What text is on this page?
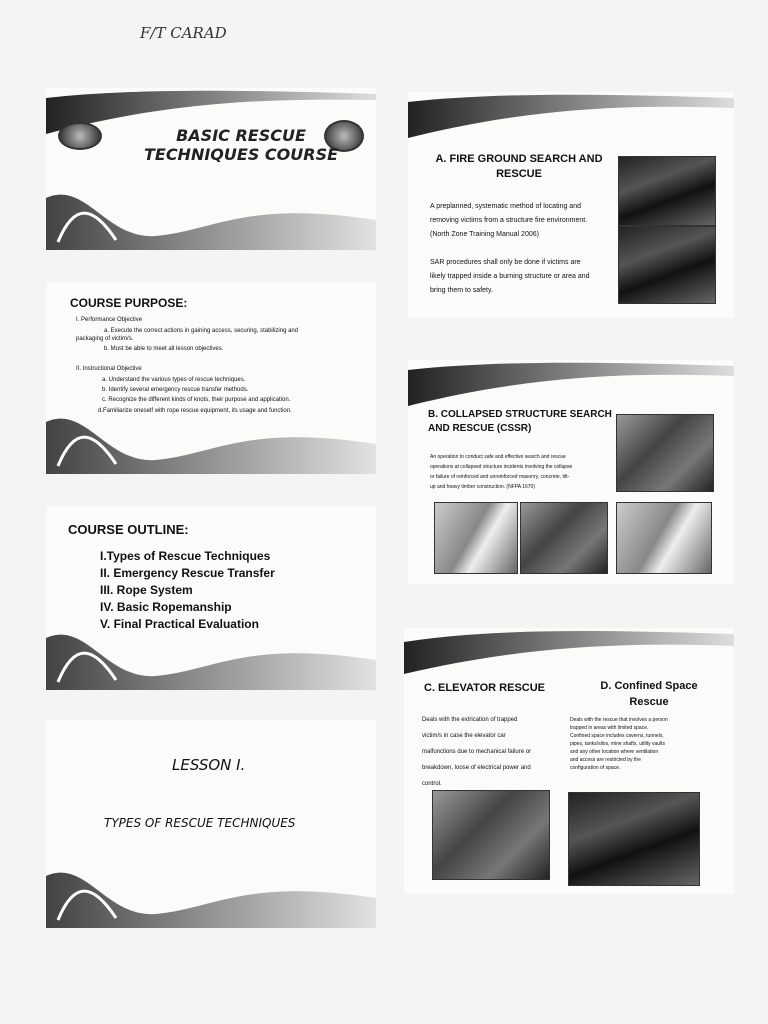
F/T CARAD
BASIC RESCUE
TECHNIQUES COURSE
COURSE PURPOSE:
I. Performance Objective
a. Execute the correct actions in gaining access, securing, stabilizing and
packaging of victim/s.
b. Must be able to meet all lesson objectives.
II. Instructional Objective
a. Understand the various types of rescue techniques.
b. Identify several emergency rescue transfer methods.
c. Recognize the different kinds of knots, their purpose and application.
d.Familiarize oneself with rope rescue equipment, its usage and function.
COURSE OUTLINE:
I.Types of Rescue Techniques
II. Emergency Rescue Transfer
III. Rope System
IV. Basic Ropemanship
V. Final Practical Evaluation
LESSON I.
TYPES OF RESCUE TECHNIQUES
A. FIRE GROUND SEARCH AND
RESCUE
A preplanned, systematic method of locating and
removing victims from a structure fire environment.
(North Zone Training Manual 2006)
SAR procedures shall only be done if victims are
likely trapped inside a burning structure or area and
bring them to safety.
B. COLLAPSED STRUCTURE SEARCH
AND RESCUE (CSSR)
An operation to conduct safe and effective search and rescue
operations at collapsed structure incidents involving the collapse
or failure of reinforced and unreinforced masonry, concrete, tilt-
up and heavy timber construction. (NFPA 1670)
C. ELEVATOR RESCUE	D. Confined Space
Rescue
Deals with the extrication of trapped
victim/s in case the elevator car
malfunctions due to mechanical failure or
breakdown, loose of electrical power and
control.
Deals with the rescue that involves a person
trapped in areas with limited space.
Confined space includes caverns, tunnels,
pipes, tanks/silos, mine shafts, utility vaults
and any other location where ventilation
and access are restricted by the
configuration of space.
